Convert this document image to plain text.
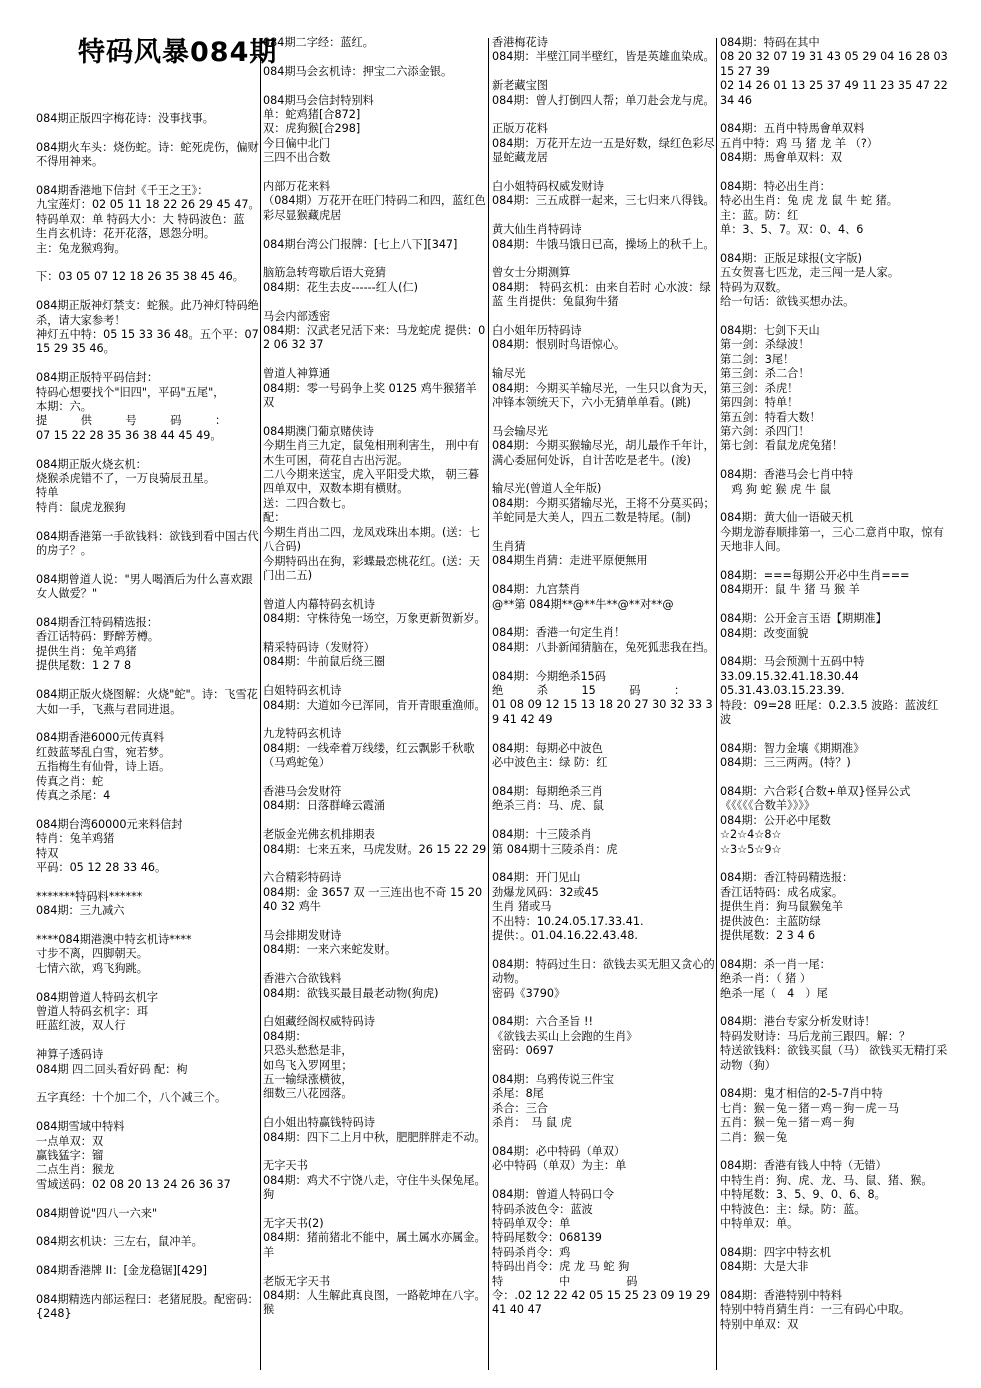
特码风暴084期
084期正版四字梅花诗：没事找事。
084期火车头：烧伤蛇。诗：蛇死虎伤，偏财不得用神来。
084期香港地下信封《千王之王》：
九宝莲灯：02 05 11 18 22 26 29 45 47。
特码单双：单 特码大小：大 特码波色：蓝
生肖玄机诗：花开花落，恩怨分明。
主：兔龙猴鸡狗。
下：03 05 07 12 18 26 35 38 45 46。
084期正版神灯禁支：蛇猴。此乃神灯特码绝杀，请大家参考！
神灯五中特：05 15 33 36 48。五个平：07 15 29 35 46。
084期正版特平码信封：
特码心想要找个"旧四"，平码"五尾"，
本期：六。
提　　　供　　　号　　　码　　　：
07 15 22 28 35 36 38 44 45 49。
084期正版火烧玄机：
烧猴杀虎错不了，一万良骑辰丑星。
特单
特肖：鼠虎龙猴狗
084期香港第一手欲钱料：欲钱到看中国古代的房子？。
084期曾道人说："男人喝酒后为什么喜欢跟女人做爱？"
084期香江特码精选报：
香江话特码：野醉芳樽。
提供生肖：兔羊鸡猪
提供尾数：1 2 7 8
084期正版火烧图解：火烧"蛇"。诗：飞雪花大如一手，飞燕与君同进退。
084期香港6000元传真料
红鼓蓝琴乱白雪，宛若梦。
五指梅生有仙骨，诗上语。
传真之肖：蛇
传真之杀尾：4
084期台湾60000元来料信封
特肖：兔羊鸡猪
特双
平码：05 12 28 33 46。
*******特码料******
084期：三九减六
****084期港澳中特玄机诗****
寸步不离，四脚朝天。
七情六欲，鸡飞狗跳。
084期曾道人特码玄机字
曾道人特码玄机字：珥
旺蓝红波，双人行
神算子透码诗
084期 四二回头看好码 配：枸
五字真经：十个加二个，八个减三个。
084期雪域中特料
一点单双：双
赢钱猛字：镏
二点生肖：猴龙
雪域送码：02 08 20 13 24 26 36 37
084期曾说"四八一六来"
084期玄机诀：三左右，鼠冲羊。
084期香港牌 II：[金龙稳锯][429]
084期精选内部运程曰：老猪屁股。配密码：{248}
084期二字经：蓝红。
084期马会玄机诗：押宝二六添金银。
084期马会信封特别料
单：蛇鸡猪[合872]
双：虎狗猴[合298]
今日偏中北门
三四不出合数
内部万花来料
（084期）万花开在旺门特码二和四，蓝红色彩尽显猴藏虎居
084期台湾公门报牌：[七上八下][347]
脑筋急转弯歇后语大竞猜
084期：花生去皮------红人(仁)
马会内部透密
084期：汉武老兄活下来：马龙蛇虎 提供：02 06 32 37
曾道人神算通
084期：零一号码争上奖 0125 鸡牛猴猪羊 双
084期澳门葡京赌侠诗
今期生肖三九定，鼠兔相刑利害生， 刑中有木生可困，荷花自古出污泥。
二八今期来送宝，虎入平阳受犬欺， 朝三暮四单双中，双数本期有横财。
送：二四合数七。
配：
今期生肖出二四，龙凤戏珠出本期。(送：七八合码)
今期特码出在狗，彩蝶最恋桃花红。(送：天门出二五)
曾道人内幕特码玄机诗
084期：守株待兔一场空，万象更新贺新岁。
精采特码诗（发财符）
084期：牛前鼠后绕三圈
白姐特码玄机诗
084期：大道如今已浑同，肯开青眼重渔师。
九龙特码玄机诗
084期：一线牵着万线缕，红云飘影千秋歌（马鸡蛇兔）
香港马会发财符
084期：日落群峰云霞涌
老版金光佛玄机排期表
084期：七来五来，马虎发财。26 15 22 29
六合精彩特码诗
084期：金 3657 双 一三连出也不奇 15 20 40 32 鸡牛
马会排期发财诗
084期：一来六来蛇发财。
香港六合欲钱料
084期：欲钱买最目最老动物(狗虎)
白姐藏经阁权威特码诗
084期：
只恐头愁愁是非，
如鸟飞入罗网里；
五一输绿涨横彼，
细数三八花园落。
白小姐出特赢钱特码诗
084期：四下二上月中秋，肥肥胖胖走不动。
无字天书
084期：鸡犬不宁饶八走，守住牛头保兔尾。 狗
无字天书(2)
084期：猪前猪北不能中，属土属水亦属金。羊
老版无字天书
084期：人生解此真良图，一路乾坤在八字。猴
香港梅花诗
084期：半壁江同半壁红，皆是英雄血染成。
新老藏宝图
084期：曾人打倒四人帮；单刀赴会龙与虎。
正版万花料
084期：万花开左边一五是好数，绿红色彩尽显蛇藏龙居
白小姐特码权威发财诗
084期：三五成群一起来，三七归来八得钱。
黄大仙生肖特码诗
084期：牛饿马饿日已高，操场上的秋千上。
曾女士分期测算
084期： 特码玄机：由来自若时 心水波：绿蓝 生肖提供：兔鼠狗牛猪
白小姐年历特码诗
084期：恨别时鸟语惊心。
输尽光
084期：今期买羊输尽光，一生只以食为天，冲锋本领统天下，六小无猜单单看。(跳)
马会输尽光
084期：今期买猴输尽光，胡儿最作千年计，满心委屈何处诉，自计苦吃是老牛。(浚)
输尽光(曾道人全年版)
084期：今期买猪输尽光，王将不分莫买码；羊蛇同是大美人，四五二数是特尾。(制)
生肖猜
084期生肖猜：走进平原便無用
084期：九宫禁肖
@**第 084期**@**牛**@**对**@
084期：香港一句定生肖！
084期：八卦新闻猜脑在，兔死狐悲我在挡。
084期：今期绝杀15码
绝　　　杀　　　15　　　码　　　：
01 08 09 12 15 13 18 20 27 30 32 33 39 41 42 49
084期：每期必中波色
必中波色主：绿 防：红
084期：每期绝杀三肖
绝杀三肖：马、虎、鼠
084期：十三陵杀肖
第 084期十三陵杀肖：虎
084期：开门见山
劲爆龙风码：32或45
生肖 猪或马
不出特：10.24.05.17.33.41.
提供：。01.04.16.22.43.48.
084期：特码过生日：欲钱去买无胆又贪心的动物。
密码《3790》
084期：六合圣旨 !!
《欲钱去买山上会跑的生肖》
密码：0697
084期：乌鸦传说三件宝
杀尾：8尾
杀合：三合
杀肖：　马 鼠 虎
084期：必中特码（单双）
必中特码（单双）为主：单
084期：曾道人特码口令
特码杀波色令：蓝波
特码单双令：单
特码尾数令：068139
特码杀肖令：鸡
特码出肖令：虎 龙 马 蛇 狗
特　　　　　中　　　　　码
令：.02 12 22 42 05 15 25 23 09 19 29 41 40 47
084期：特码在其中
08 20 32 07 19 31 43 05 29 04 16 28 03 15 27 39
02 14 26 01 13 25 37 49 11 23 35 47 22 34 46
084期：五肖中特馬會单双料
五肖中特：鸡 马 猪 龙 羊 （?）
084期：馬會单双料：双
084期：特必出生肖：
特必出生肖：兔 虎 龙 鼠 牛 蛇 猪。
主：蓝。防：红
单：3、5、7。双：0、4、6
084期：正版足球报(文字版)
五女贺喜七匹龙，走三闯一是人家。
特码为双数。
给一句话：欲钱买想办法。
084期：七剑下天山
第一剑：杀绿波！
第二剑：3尾！
第三剑：杀二合！
第三剑：杀虎！
第四剑：特单！
第五剑：特看大数！
第六剑：杀四门！
第七剑：看鼠龙虎兔猪！
084期：香港马会七肖中特
　鸡 狗 蛇 猴 虎 牛 鼠
084期：黄大仙一语破天机
今期龙游春顺排第一，三心二意肖中取，惊有天地非人间。
084期：===每期公开必中生肖===
084期开：鼠 牛 猪 马 猴 羊
084期：公开金言玉语【期期准】
084期：改变面貌
084期：马会预测十五码中特
33.09.15.32.41.18.30.44
05.31.43.03.15.23.39.
特段：09=28 旺尾：0.2.3.5 波路：蓝波红波
084期：智力金壤《期期准》
084期：三三两两。(特？)
084期：六合彩{合数+单双}怪异公式
《《《《《合数羊》》》》
084期：公开必中尾数
☆2☆4☆8☆
☆3☆5☆9☆
084期：香江特码精选报：
香江话特码：成名成家。
提供生肖：狗马鼠猴兔羊
提供波色：主蓝防绿
提供尾数：2 3 4 6
084期：杀一肖一尾：
绝杀一肖：（ 猪 ）
绝杀一尾（　4　）尾
084期：港台专家分析发财诗！
特码发财诗：马后龙前三跟四。解：？
特送欲钱料：欲钱买鼠（马） 欲钱买无精打采动物（狗）
084期：鬼才相信的2-5-7肖中特
七肖：猴－兔－猪－鸡－狗－虎－马
五肖：猴－兔－猪－鸡－狗
二肖：猴－兔
084期：香港有钱人中特（无错）
中特生肖：狗、虎、龙、马、鼠、猪、猴。
中特尾数：3、5、9、0、6、8。
中特波色：主：绿。防：蓝。
中特单双：单。
084期：四字中特玄机
084期：大是大非
084期：香港特别中特料
特别中特肖猜生肖：一三有码心中取。
特别中单双：双
